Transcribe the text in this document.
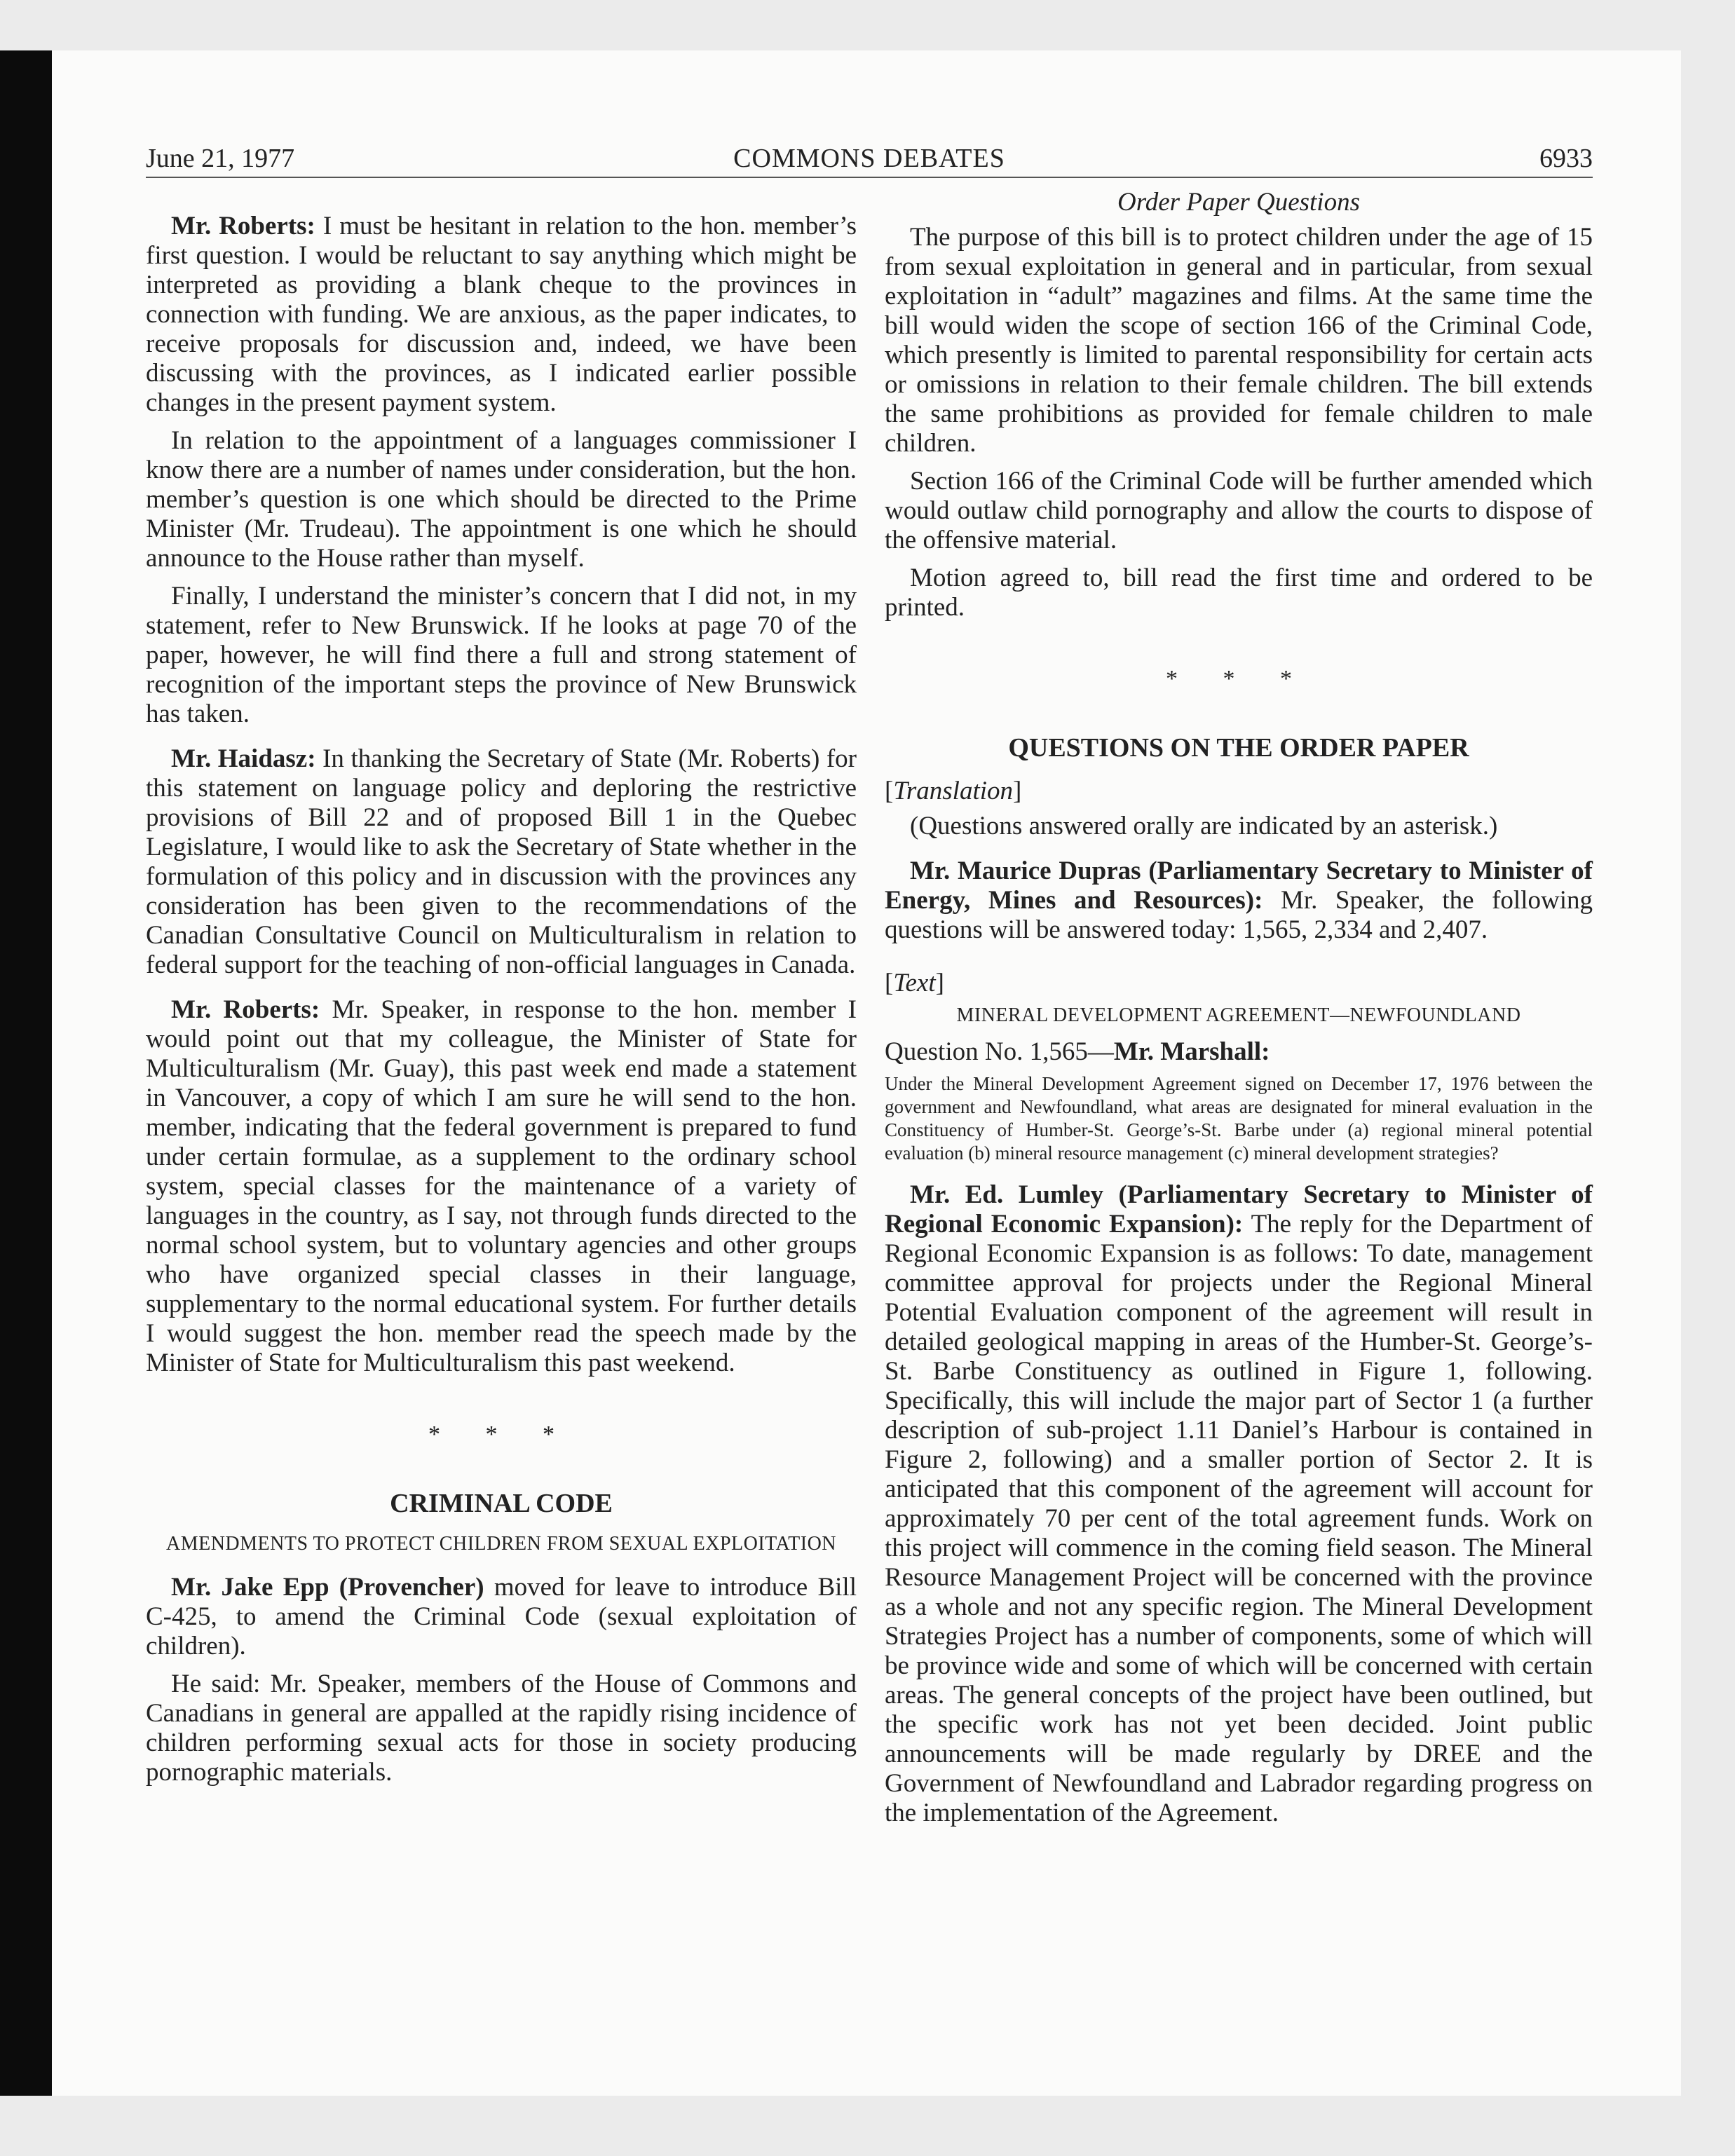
June 21, 1977	COMMONS DEBATES	6933

Mr. Roberts: I must be hesitant in relation to the hon. member’s first question. I would be reluctant to say anything which might be interpreted as providing a blank cheque to the provinces in connection with funding. We are anxious, as the paper indicates, to receive proposals for discussion and, indeed, we have been discussing with the provinces, as I indicated earlier possible changes in the present payment system.

In relation to the appointment of a languages commissioner I know there are a number of names under consideration, but the hon. member’s question is one which should be directed to the Prime Minister (Mr. Trudeau). The appointment is one which he should announce to the House rather than myself.

Finally, I understand the minister’s concern that I did not, in my statement, refer to New Brunswick. If he looks at page 70 of the paper, however, he will find there a full and strong statement of recognition of the important steps the province of New Brunswick has taken.

Mr. Haidasz: In thanking the Secretary of State (Mr. Roberts) for this statement on language policy and deploring the restrictive provisions of Bill 22 and of proposed Bill 1 in the Quebec Legislature, I would like to ask the Secretary of State whether in the formulation of this policy and in discussion with the provinces any consideration has been given to the recommendations of the Canadian Consultative Council on Multiculturalism in relation to federal support for the teaching of non-official languages in Canada.

Mr. Roberts: Mr. Speaker, in response to the hon. member I would point out that my colleague, the Minister of State for Multiculturalism (Mr. Guay), this past week end made a statement in Vancouver, a copy of which I am sure he will send to the hon. member, indicating that the federal government is prepared to fund under certain formulae, as a supplement to the ordinary school system, special classes for the maintenance of a variety of languages in the country, as I say, not through funds directed to the normal school system, but to voluntary agencies and other groups who have organized special classes in their language, supplementary to the normal educational system. For further details I would suggest the hon. member read the speech made by the Minister of State for Multiculturalism this past weekend.

* * *
CRIMINAL CODE
AMENDMENTS TO PROTECT CHILDREN FROM SEXUAL EXPLOITATION

Mr. Jake Epp (Provencher) moved for leave to introduce Bill C-425, to amend the Criminal Code (sexual exploitation of children).

He said: Mr. Speaker, members of the House of Commons and Canadians in general are appalled at the rapidly rising incidence of children performing sexual acts for those in society producing pornographic materials.

Order Paper Questions

The purpose of this bill is to protect children under the age of 15 from sexual exploitation in general and in particular, from sexual exploitation in “adult” magazines and films. At the same time the bill would widen the scope of section 166 of the Criminal Code, which presently is limited to parental responsibility for certain acts or omissions in relation to their female children. The bill extends the same prohibitions as provided for female children to male children.

Section 166 of the Criminal Code will be further amended which would outlaw child pornography and allow the courts to dispose of the offensive material.

Motion agreed to, bill read the first time and ordered to be printed.

* * *
QUESTIONS ON THE ORDER PAPER
[Translation]

(Questions answered orally are indicated by an asterisk.)

Mr. Maurice Dupras (Parliamentary Secretary to Minister of Energy, Mines and Resources): Mr. Speaker, the following questions will be answered today: 1,565, 2,334 and 2,407.

[Text]
MINERAL DEVELOPMENT AGREEMENT—NEWFOUNDLAND
Question No. 1,565—Mr. Marshall:

Under the Mineral Development Agreement signed on December 17, 1976 between the government and Newfoundland, what areas are designated for mineral evaluation in the Constituency of Humber-St. George’s-St. Barbe under (a) regional mineral potential evaluation (b) mineral resource management (c) mineral development strategies?

Mr. Ed. Lumley (Parliamentary Secretary to Minister of Regional Economic Expansion): The reply for the Department of Regional Economic Expansion is as follows: To date, management committee approval for projects under the Regional Mineral Potential Evaluation component of the agreement will result in detailed geological mapping in areas of the Humber-St. George’s-St. Barbe Constituency as outlined in Figure 1, following. Specifically, this will include the major part of Sector 1 (a further description of sub-project 1.11 Daniel’s Harbour is contained in Figure 2, following) and a smaller portion of Sector 2. It is anticipated that this component of the agreement will account for approximately 70 per cent of the total agreement funds. Work on this project will commence in the coming field season. The Mineral Resource Management Project will be concerned with the province as a whole and not any specific region. The Mineral Development Strategies Project has a number of components, some of which will be province wide and some of which will be concerned with certain areas. The general concepts of the project have been outlined, but the specific work has not yet been decided. Joint public announcements will be made regularly by DREE and the Government of Newfoundland and Labrador regarding progress on the implementation of the Agreement.
